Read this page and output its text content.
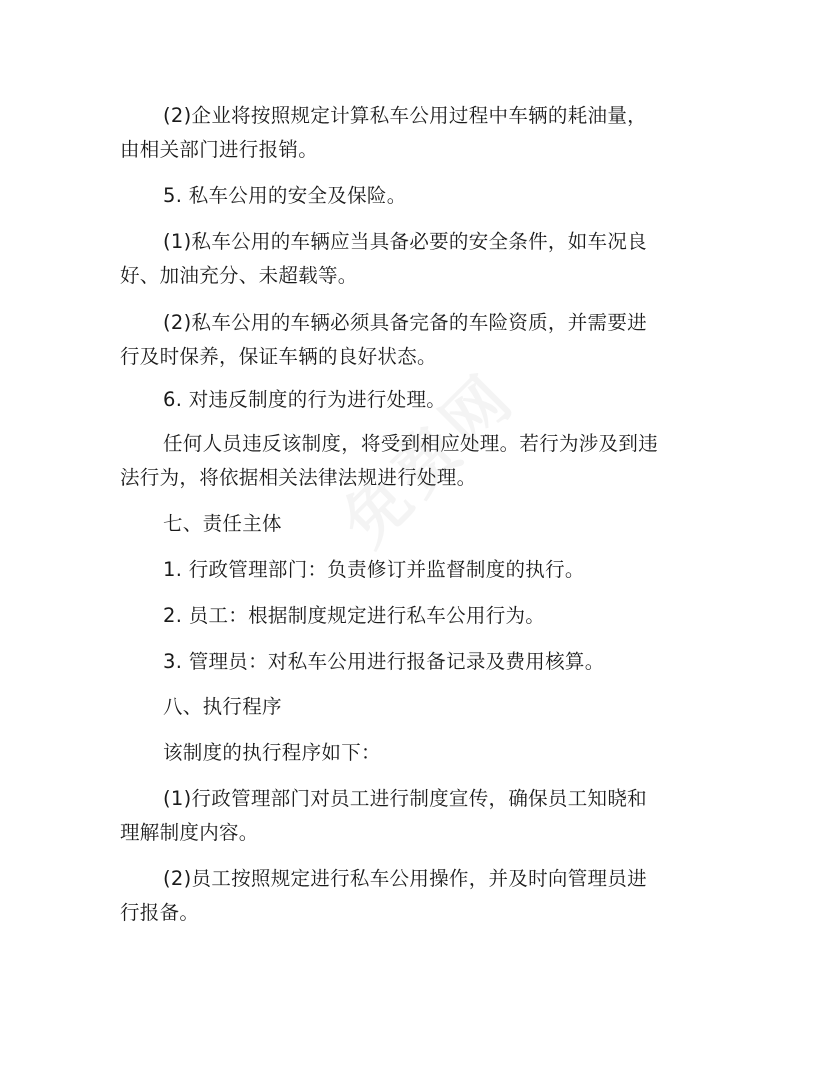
(2)企业将按照规定计算私车公用过程中车辆的耗油量，
由相关部门进行报销。

5. 私车公用的安全及保险。

(1)私车公用的车辆应当具备必要的安全条件，如车况良
好、加油充分、未超载等。

(2)私车公用的车辆必须具备完备的车险资质，并需要进
行及时保养，保证车辆的良好状态。

6. 对违反制度的行为进行处理。

任何人员违反该制度，将受到相应处理。若行为涉及到违
法行为，将依据相关法律法规进行处理。

七、责任主体

1. 行政管理部门：负责修订并监督制度的执行。

2. 员工：根据制度规定进行私车公用行为。

3. 管理员：对私车公用进行报备记录及费用核算。

八、执行程序

该制度的执行程序如下：

(1)行政管理部门对员工进行制度宣传，确保员工知晓和
理解制度内容。

(2)员工按照规定进行私车公用操作，并及时向管理员进
行报备。
